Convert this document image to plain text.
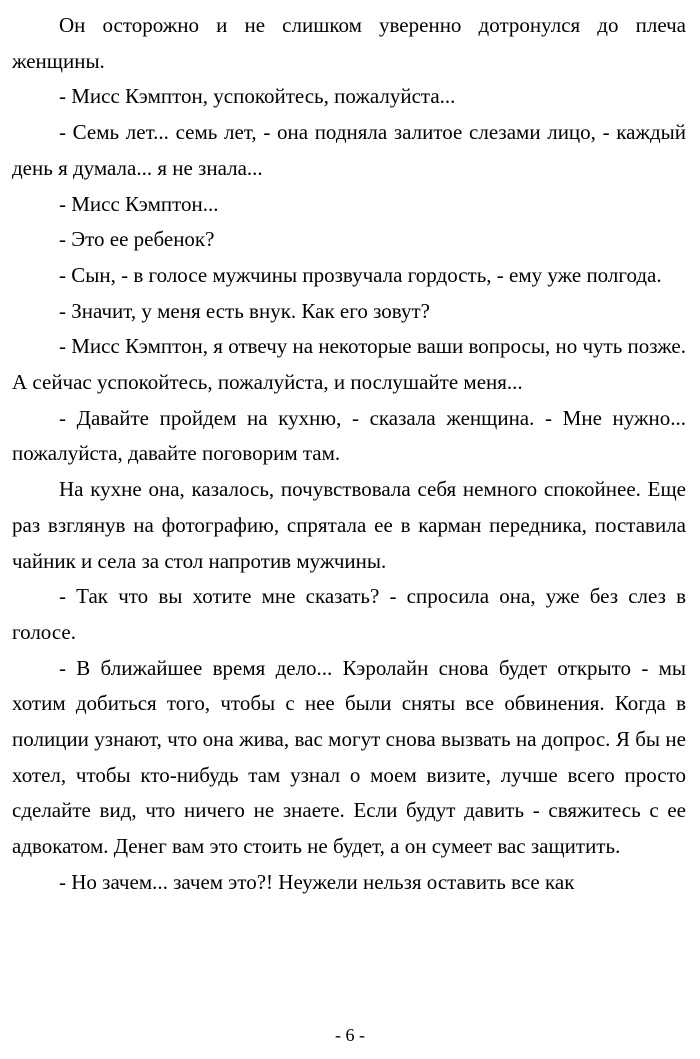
Он осторожно и не слишком уверенно дотронулся до плеча женщины.

- Мисс Кэмптон, успокойтесь, пожалуйста...

- Семь лет... семь лет, - она подняла залитое слезами лицо, - каждый день я думала... я не знала...

- Мисс Кэмптон...

- Это ее ребенок?

- Сын, - в голосе мужчины прозвучала гордость, - ему уже полгода.

- Значит, у меня есть внук. Как его зовут?

- Мисс Кэмптон, я отвечу на некоторые ваши вопросы, но чуть позже. А сейчас успокойтесь, пожалуйста, и послушайте меня...

- Давайте пройдем на кухню, - сказала женщина. - Мне нужно... пожалуйста, давайте поговорим там.

На кухне она, казалось, почувствовала себя немного спокойнее. Еще раз взглянув на фотографию, спрятала ее в карман передника, поставила чайник и села за стол напротив мужчины.

- Так что вы хотите мне сказать? - спросила она, уже без слез в голосе.

- В ближайшее время дело... Кэролайн снова будет открыто - мы хотим добиться того, чтобы с нее были сняты все обвинения. Когда в полиции узнают, что она жива, вас могут снова вызвать на допрос. Я бы не хотел, чтобы кто-нибудь там узнал о моем визите, лучше всего просто сделайте вид, что ничего не знаете. Если будут давить - свяжитесь с ее адвокатом. Денег вам это стоить не будет, а он сумеет вас защитить.

- Но зачем... зачем это?! Неужели нельзя оставить все как

- 6 -
